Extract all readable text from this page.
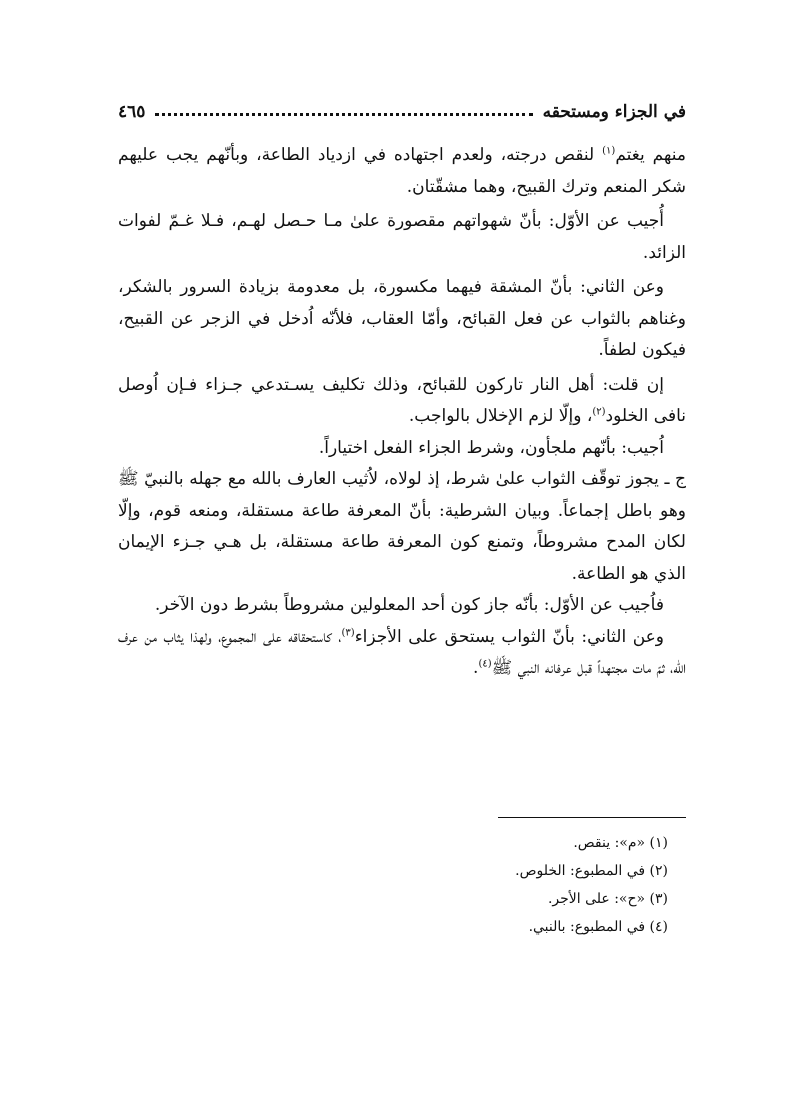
٤٦٥	في الجزاء ومستحقه

منهم يغتم$^{(١)}$ لنقص درجته، ولعدم اجتهاده في ازدياد الطاعة، وبأنّهم يجب عليهم شكر المنعم وترك القبيح، وهما مشقّتان.

أُجيب عن الأوّل: بأنّ شهواتهم مقصورة علىٰ مـا حـصل لهـم، فـلا غـمّ لفوات الزائد.

وعن الثاني: بأنّ المشقة فيهما مكسورة، بل معدومة بزيادة السرور بالشكر، وغناهم بالثواب عن فعل القبائح، وأمّا العقاب، فلأنّه اُدخل في الزجر عن القبيح، فيكون لطفاً.

إن قلت: أهل النار تاركون للقبائح، وذلك تكليف يسـتدعي جـزاء فـإن اُوصل نافى الخلود$^{(٢)}$، وإلّا لزم الإخلال بالواجب.

اُجيب: بأنّهم ملجأون، وشرط الجزاء الفعل اختياراً.

ج ـ يجوز توقّف الثواب علىٰ شرط، إذ لولاه، لاُثيب العارف بالله مع جهله بالنبيّ ﷺ وهو باطل إجماعاً. وبيان الشرطية: بأنّ المعرفة طاعة مستقلة، ومنعه قوم، وإلّا لكان المدح مشروطاً، وتمنع كون المعرفة طاعة مستقلة، بل هـي جـزء الإيمان الذي هو الطاعة.

فاُجيب عن الأوّل: بأنّه جاز كون أحد المعلولين مشروطاً بشرط دون الآخر.

وعن الثاني: بأنّ الثواب يستحق على الأجزاء$^{(٣)}$، كاستحقاقه على المجموع، ولهذا يثاب من عرف الله، ثمّ مات مجتهداً قبل عرفانه النبي ﷺ$^{(٤)}$.

(١) «م»: ينقص.
(٢) في المطبوع: الخلوص.
(٣) «ح»: على الأجر.
(٤) في المطبوع: بالنبي.
